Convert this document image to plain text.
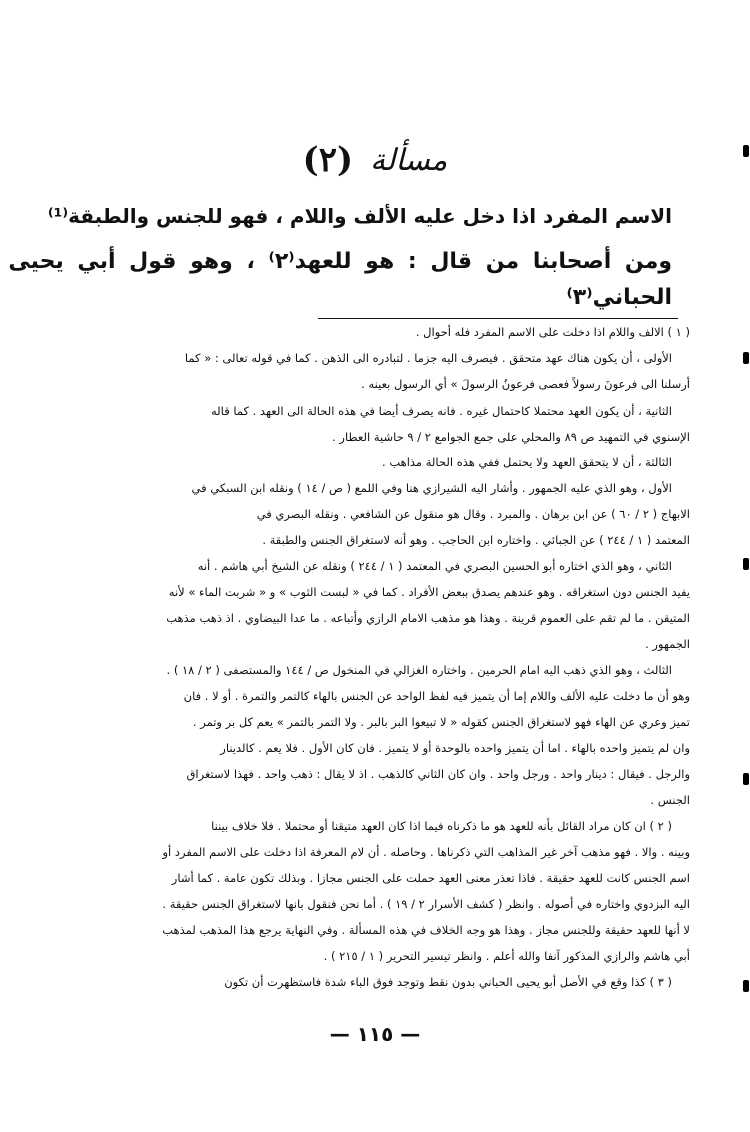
مسألة (٢)
الاسم المفرد اذا دخل عليه الألف واللام ، فهو للجنس والطبقة⁽¹⁾
ومن أصحابنا من قال : هو للعهد⁽٢⁾ ، وهو قول أبي يحيى
الحباني⁽٣⁾
( ١ ) الالف واللام اذا دخلت على الاسم المفرد فله أحوال .
الأولى ، أن يكون هناك عهد متحقق . فيصرف اليه جزما . لتبادره الى الذهن . كما في قوله تعالى : « كما
أرسلنا الى فرعونَ رسولاً فعصى فرعونُ الرسولَ » أي الرسول بعينه .
الثانية ، أن يكون العهد محتملا كاحتمال غيره . فانه يصرف أيضا في هذه الحالة الى العهد . كما قاله
الإسنوي في التمهيد ص ٨٩ والمحلي على جمع الجوامع ٢ / ٩ حاشية العطار .
الثالثة ، أن لا يتحقق العهد ولا يحتمل ففي هذه الحالة مذاهب .
الأول ، وهو الذي عليه الجمهور . وأشار اليه الشيرازي هنا وفي اللمع ( ص / ١٤ ) ونقله ابن السبكي في
الابهاج ( ٢ / ٦٠ ) عن ابن برهان . والمبرد . وقال هو منقول عن الشافعي . ونقله البصري في
المعتمد ( ١ / ٢٤٤ ) عن الجبائي . واختاره ابن الحاجب . وهو أنه لاستغراق الجنس والطبقة .
الثاني ، وهو الذي اختاره أبو الحسين البصري في المعتمد ( ١ / ٢٤٤ ) ونقله عن الشيخ أبي هاشم . أنه
يفيد الجنس دون استغراقه . وهو عندهم يصدق ببعض الأفراد . كما في « لبست الثوب » و « شربت الماء » لأنه
المتيقن . ما لم تقم على العموم قرينة . وهذا هو مذهب الامام الرازي وأتباعه . ما عدا البيضاوي . اذ ذهب مذهب
الجمهور .
الثالث ، وهو الذي ذهب اليه امام الحرمين . واختاره الغزالي في المنخول ص / ١٤٤ والمستصفى ( ٢ / ١٨ ) .
وهو أن ما دخلت عليه الألف واللام إما أن يتميز فيه لفظ الواحد عن الجنس بالهاء كالتمر والتمرة . أو لا . فان
تميز وعري عن الهاء فهو لاستغراق الجنس كقوله « لا تبيعوا البر بالبر . ولا التمر بالتمر » يعم كل بر وتمر .
وان لم يتميز واحده بالهاء . اما أن يتميز واحده بالوحدة أو لا يتميز . فان كان الأول . فلا يعم . كالدينار
والرجل . فيقال : دينار واحد . ورجل واحد . وان كان الثاني كالذهب . اذ لا يقال : ذهب واحد . فهذا لاستغراق
الجنس .
( ٢ ) ان كان مراد القائل بأنه للعهد هو ما ذكرناه فيما اذا كان العهد متيقنا أو محتملا . فلا خلاف بيننا
وبينه . والا . فهو مذهب آخر غير المذاهب التي ذكرناها . وحاصله . أن لام المعرفة اذا دخلت على الاسم المفرد أو
اسم الجنس كانت للعهد حقيقة . فاذا تعذر معنى العهد حملت على الجنس مجازا . وبذلك تكون عامة . كما أشار
اليه البزدوي واختاره في أصوله . وانظر ( كشف الأسرار ٢ / ١٩ ) . أما نحن فنقول بانها لاستغراق الجنس حقيقة .
لا أنها للعهد حقيقة وللجنس مجاز . وهذا هو وجه الخلاف في هذه المسألة . وفي النهاية يرجع هذا المذهب لمذهب
أبي هاشم والرازي المذكور آنفا والله أعلم . وانظر تيسير التحرير ( ١ / ٢١٥ ) .
( ٣ ) كذا وقع في الأصل أبو يحيى الحباني بدون نقط وتوجد فوق الباء شدة فاستظهرت أن تكون
— ١١٥ —
